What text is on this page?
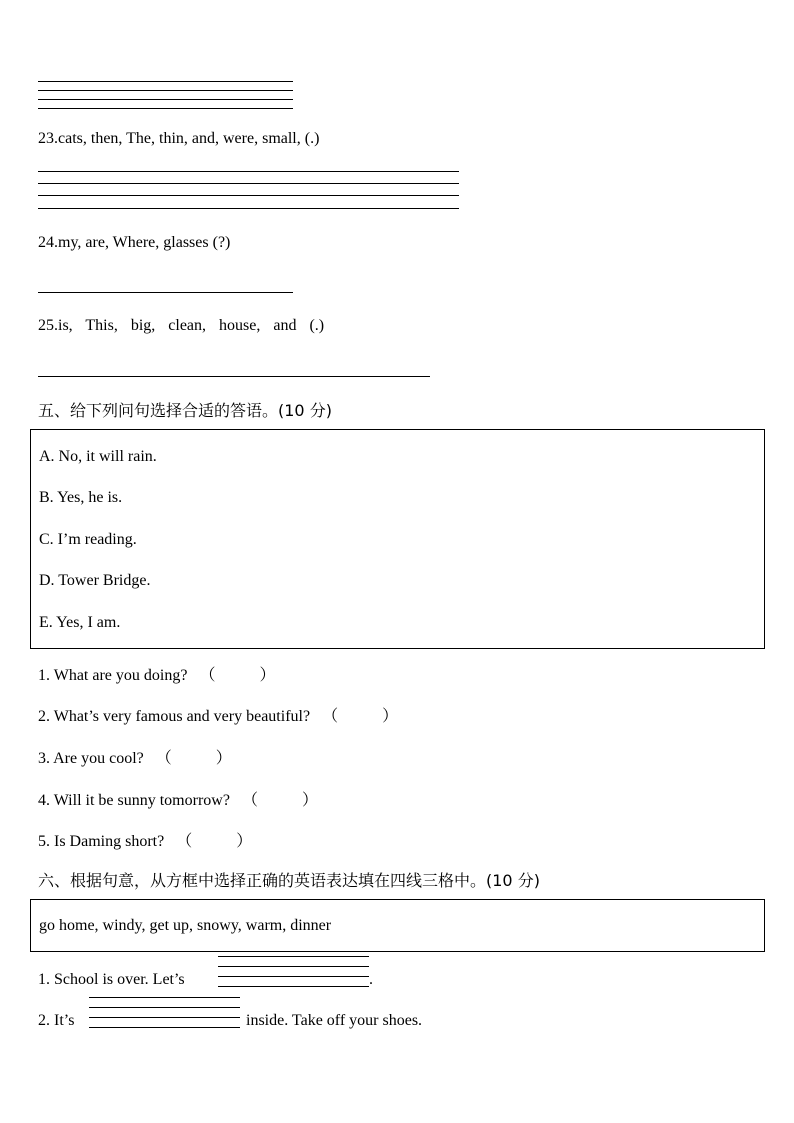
23.cats, then, The, thin, and, were, small, (.)
24.my, are, Where, glasses (?)
25.is, This, big, clean, house, and (.)
五、给下列问句选择合适的答语。(10 分)
A. No, it will rain.
B. Yes, he is.
C. I’m reading.
D. Tower Bridge.
E. Yes, I am.
1. What are you doing? （	）
2. What’s very famous and very beautiful? （	）
3. Are you cool? （	）
4. Will it be sunny tomorrow? （	）
5. Is Daming short? （	）
六、根据句意，从方框中选择正确的英语表达填在四线三格中。(10 分)
go home, windy, get up, snowy, warm, dinner
1. School is over. Let’s	.
2. It’s	inside. Take off your shoes.
